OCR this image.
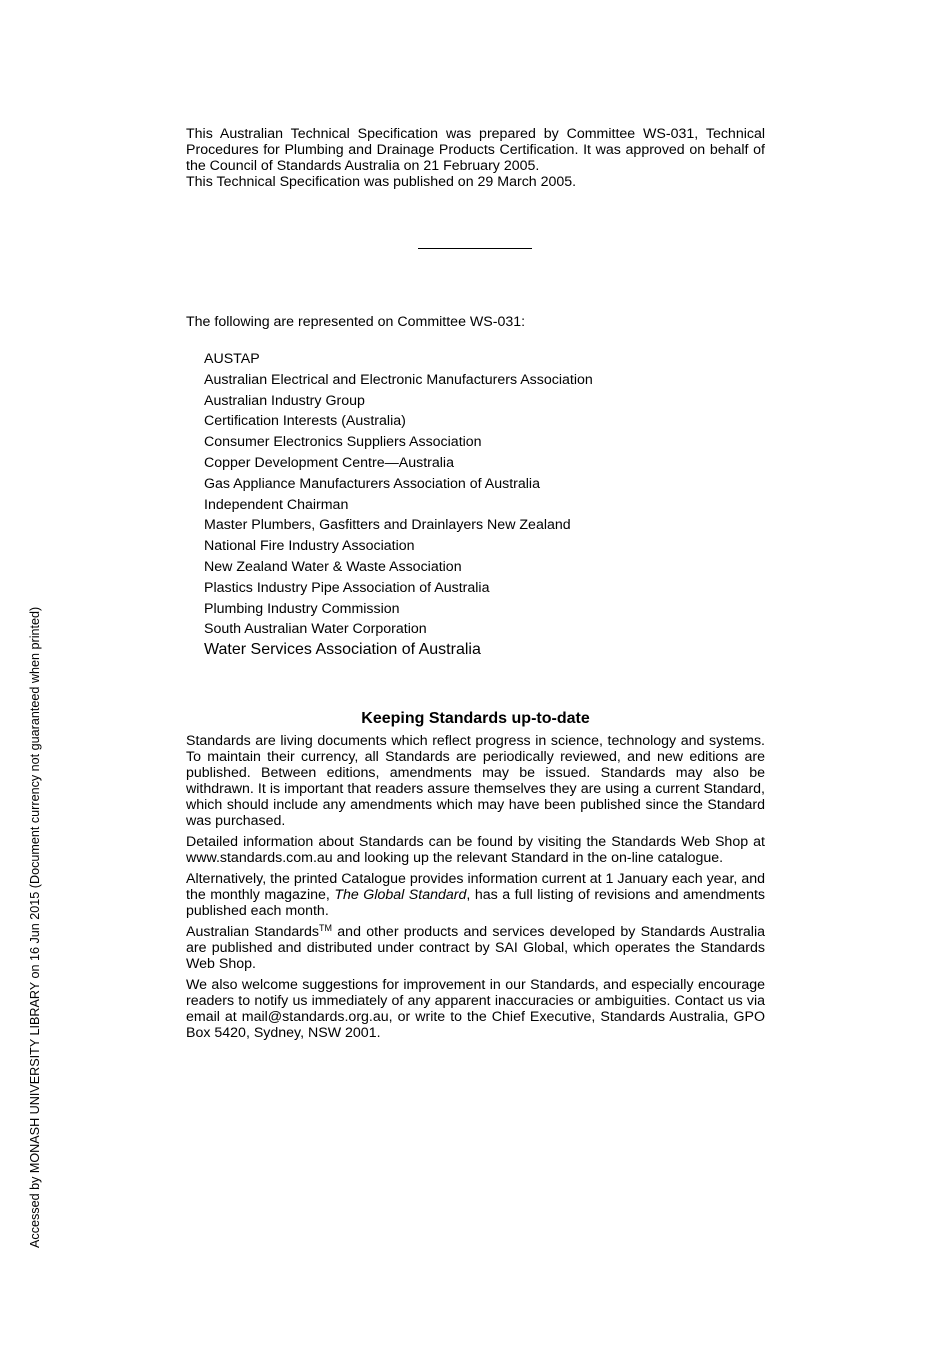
This Australian Technical Specification was prepared by Committee WS-031, Technical Procedures for Plumbing and Drainage Products Certification. It was approved on behalf of the Council of Standards Australia on 21 February 2005.

This Technical Specification was published on 29 March 2005.

The following are represented on Committee WS-031:

AUSTAP
Australian Electrical and Electronic Manufacturers Association
Australian Industry Group
Certification Interests (Australia)
Consumer Electronics Suppliers Association
Copper Development Centre—Australia
Gas Appliance Manufacturers Association of Australia
Independent Chairman
Master Plumbers, Gasfitters and Drainlayers New Zealand
National Fire Industry Association
New Zealand Water & Waste Association
Plastics Industry Pipe Association of Australia
Plumbing Industry Commission
South Australian Water Corporation
Water Services Association of Australia
Keeping Standards up-to-date

Standards are living documents which reflect progress in science, technology and systems. To maintain their currency, all Standards are periodically reviewed, and new editions are published. Between editions, amendments may be issued. Standards may also be withdrawn. It is important that readers assure themselves they are using a current Standard, which should include any amendments which may have been published since the Standard was purchased.

Detailed information about Standards can be found by visiting the Standards Web Shop at www.standards.com.au and looking up the relevant Standard in the on-line catalogue.

Alternatively, the printed Catalogue provides information current at 1 January each year, and the monthly magazine, The Global Standard, has a full listing of revisions and amendments published each month.

Australian Standards™ and other products and services developed by Standards Australia are published and distributed under contract by SAI Global, which operates the Standards Web Shop.

We also welcome suggestions for improvement in our Standards, and especially encourage readers to notify us immediately of any apparent inaccuracies or ambiguities. Contact us via email at mail@standards.org.au, or write to the Chief Executive, Standards Australia, GPO Box 5420, Sydney, NSW 2001.

Accessed by MONASH UNIVERSITY LIBRARY on 16 Jun 2015 (Document currency not guaranteed when printed)
